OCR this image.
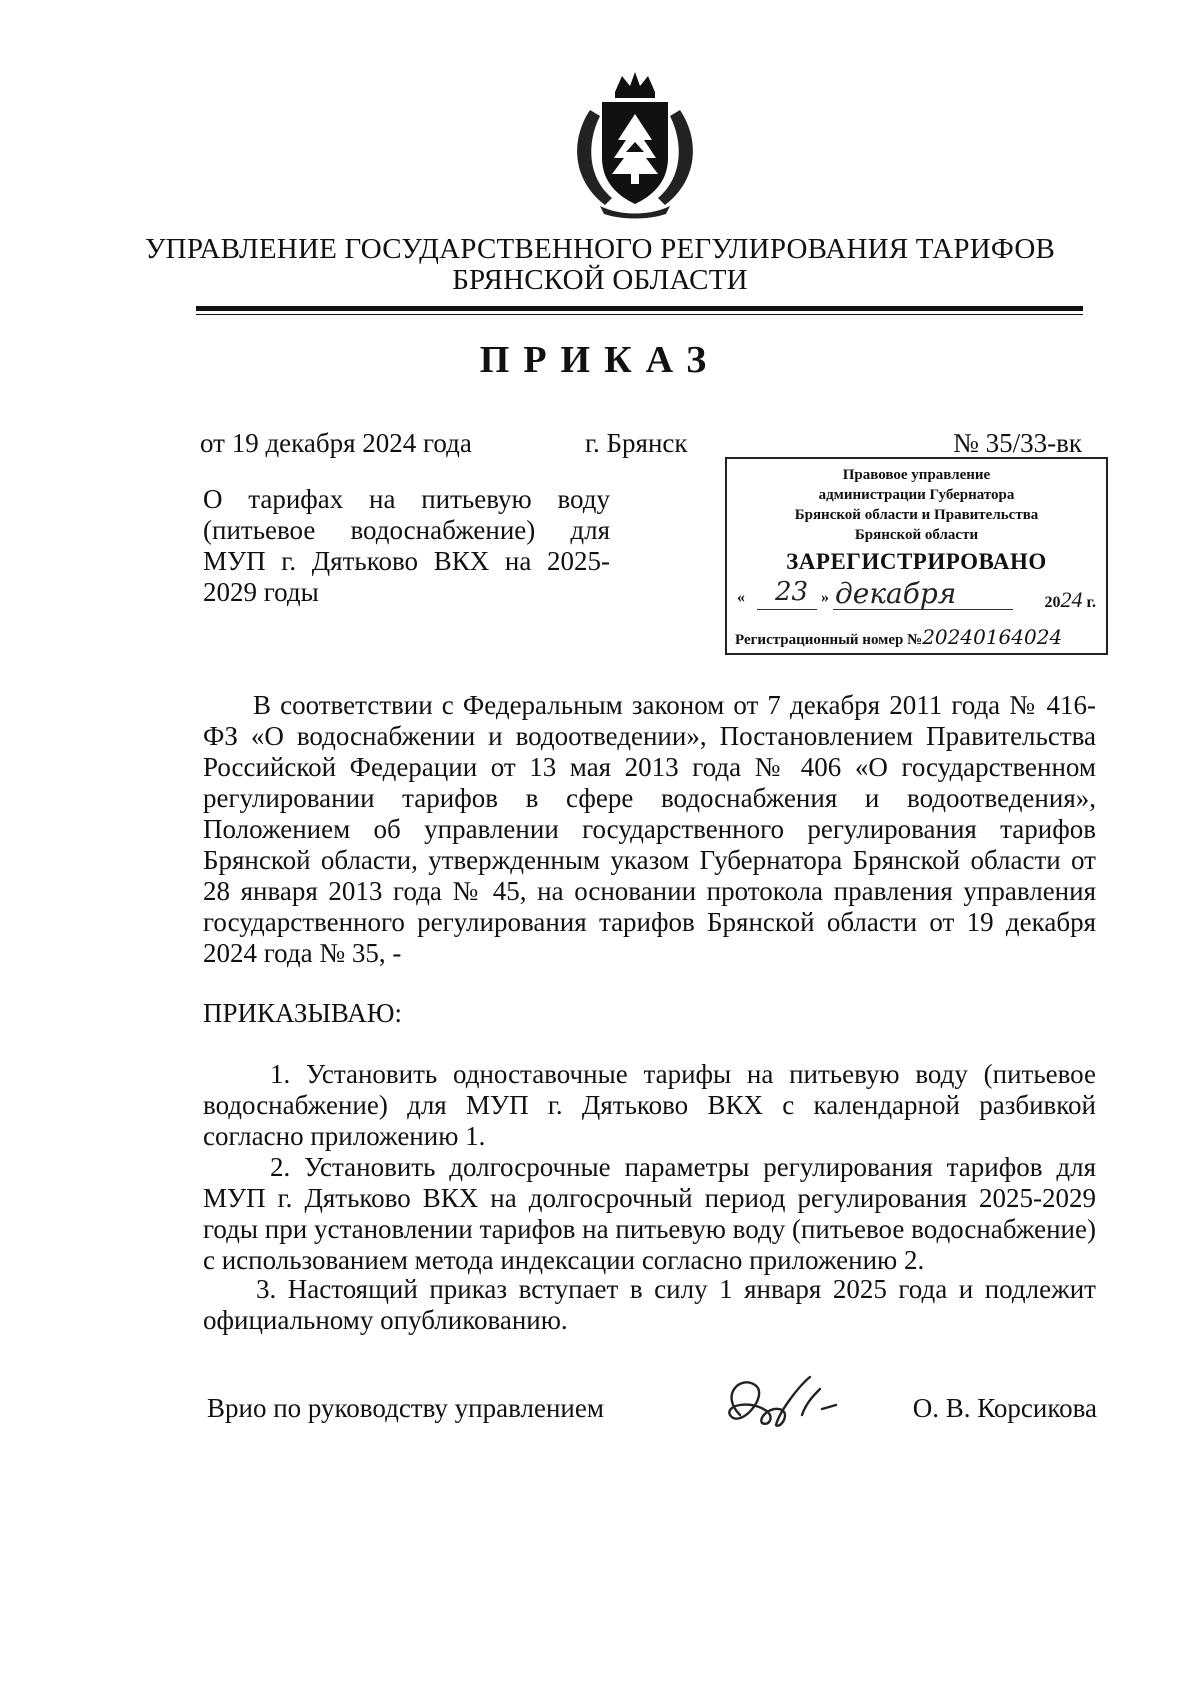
УПРАВЛЕНИЕ ГОСУДАРСТВЕННОГО РЕГУЛИРОВАНИЯ ТАРИФОВ
БРЯНСКОЙ ОБЛАСТИ
ПРИКАЗ
от 19 декабря 2024 года	г. Брянск	№ 35/33-вк
О тарифах на питьевую воду (питьевое водоснабжение) для МУП г. Дятьково ВКХ на 2025-
2029 годы
Правовое управление
администрации Губернатора
Брянской области и Правительства
Брянской области
ЗАРЕГИСТРИРОВАНО
« 23 » декабря	2024 г.
Регистрационный номер №20240164024
В соответствии с Федеральным законом от 7 декабря 2011 года № 416-ФЗ «О водоснабжении и водоотведении», Постановлением Правительства Российской Федерации от 13 мая 2013 года № 406 «О государственном регулировании тарифов в сфере водоснабжения и водоотведения», Положением об управлении государственного регулирования тарифов Брянской области, утвержденным указом Губернатора Брянской области от 28 января 2013 года № 45, на основании протокола правления управления государственного регулирования тарифов Брянской области от 19 декабря 2024 года № 35, -
ПРИКАЗЫВАЮ:
1. Установить одноставочные тарифы на питьевую воду (питьевое водоснабжение) для МУП г. Дятьково ВКХ с календарной разбивкой согласно приложению 1.
2. Установить долгосрочные параметры регулирования тарифов для МУП г. Дятьково ВКХ на долгосрочный период регулирования 2025-2029 годы при установлении тарифов на питьевую воду (питьевое водоснабжение) с использованием метода индексации согласно приложению 2.
3. Настоящий приказ вступает в силу 1 января 2025 года и подлежит официальному опубликованию.
Врио по руководству управлением	О. В. Корсикова
